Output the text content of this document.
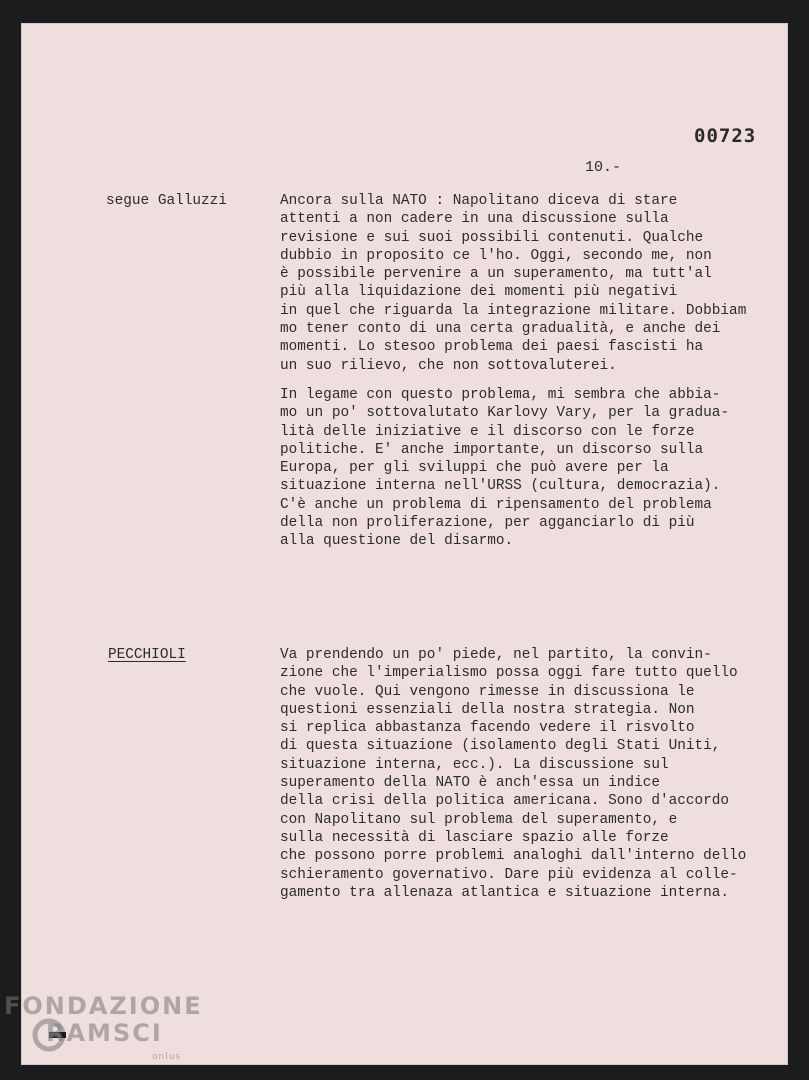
00723
10.-
segue Galluzzi	Ancora sulla NATO : Napolitano diceva di stare
attenti a non cadere in una discussione sulla
revisione e sui suoi possibili contenuti. Qualche
dubbio in proposito ce l'ho. Oggi, secondo me, non
è possibile pervenire a un superamento, ma tutt'al
più alla liquidazione dei momenti più negativi
in quel che riguarda la integrazione militare. Dobbiam
mo tener conto di una certa gradualità, e anche dei
momenti. Lo stesoo problema dei paesi fascisti ha
un suo rilievo, che non sottovaluterei.
In legame con questo problema, mi sembra che abbia-
mo un po' sottovalutato Karlovy Vary, per la gradua-
lità delle iniziative e il discorso con le forze
politiche. E' anche importante, un discorso sulla
Europa, per gli sviluppi che può avere per la
situazione interna nell'URSS (cultura, democrazia).
C'è anche un problema di ripensamento del problema
della non proliferazione, per agganciarlo di più
alla questione del disarmo.
PECCHIOLI	Va prendendo un po' piede, nel partito, la convin-
zione che l'imperialismo possa oggi fare tutto quello
che vuole. Qui vengono rimesse in discussiona le
questioni essenziali della nostra strategia. Non
si replica abbastanza facendo vedere il risvolto
di questa situazione (isolamento degli Stati Uniti,
situazione interna, ecc.). La discussione sul
superamento della NATO è anch'essa un indice
della crisi della politica americana. Sono d'accordo
con Napolitano sul problema del superamento, e
sulla necessità di lasciare spazio alle forze
che possono porre problemi analoghi dall'interno dello
schieramento governativo. Dare più evidenza al colle-
gamento tra allenaza atlantica e situazione interna.
FONDAZIONE
RAMSCI
onlus
